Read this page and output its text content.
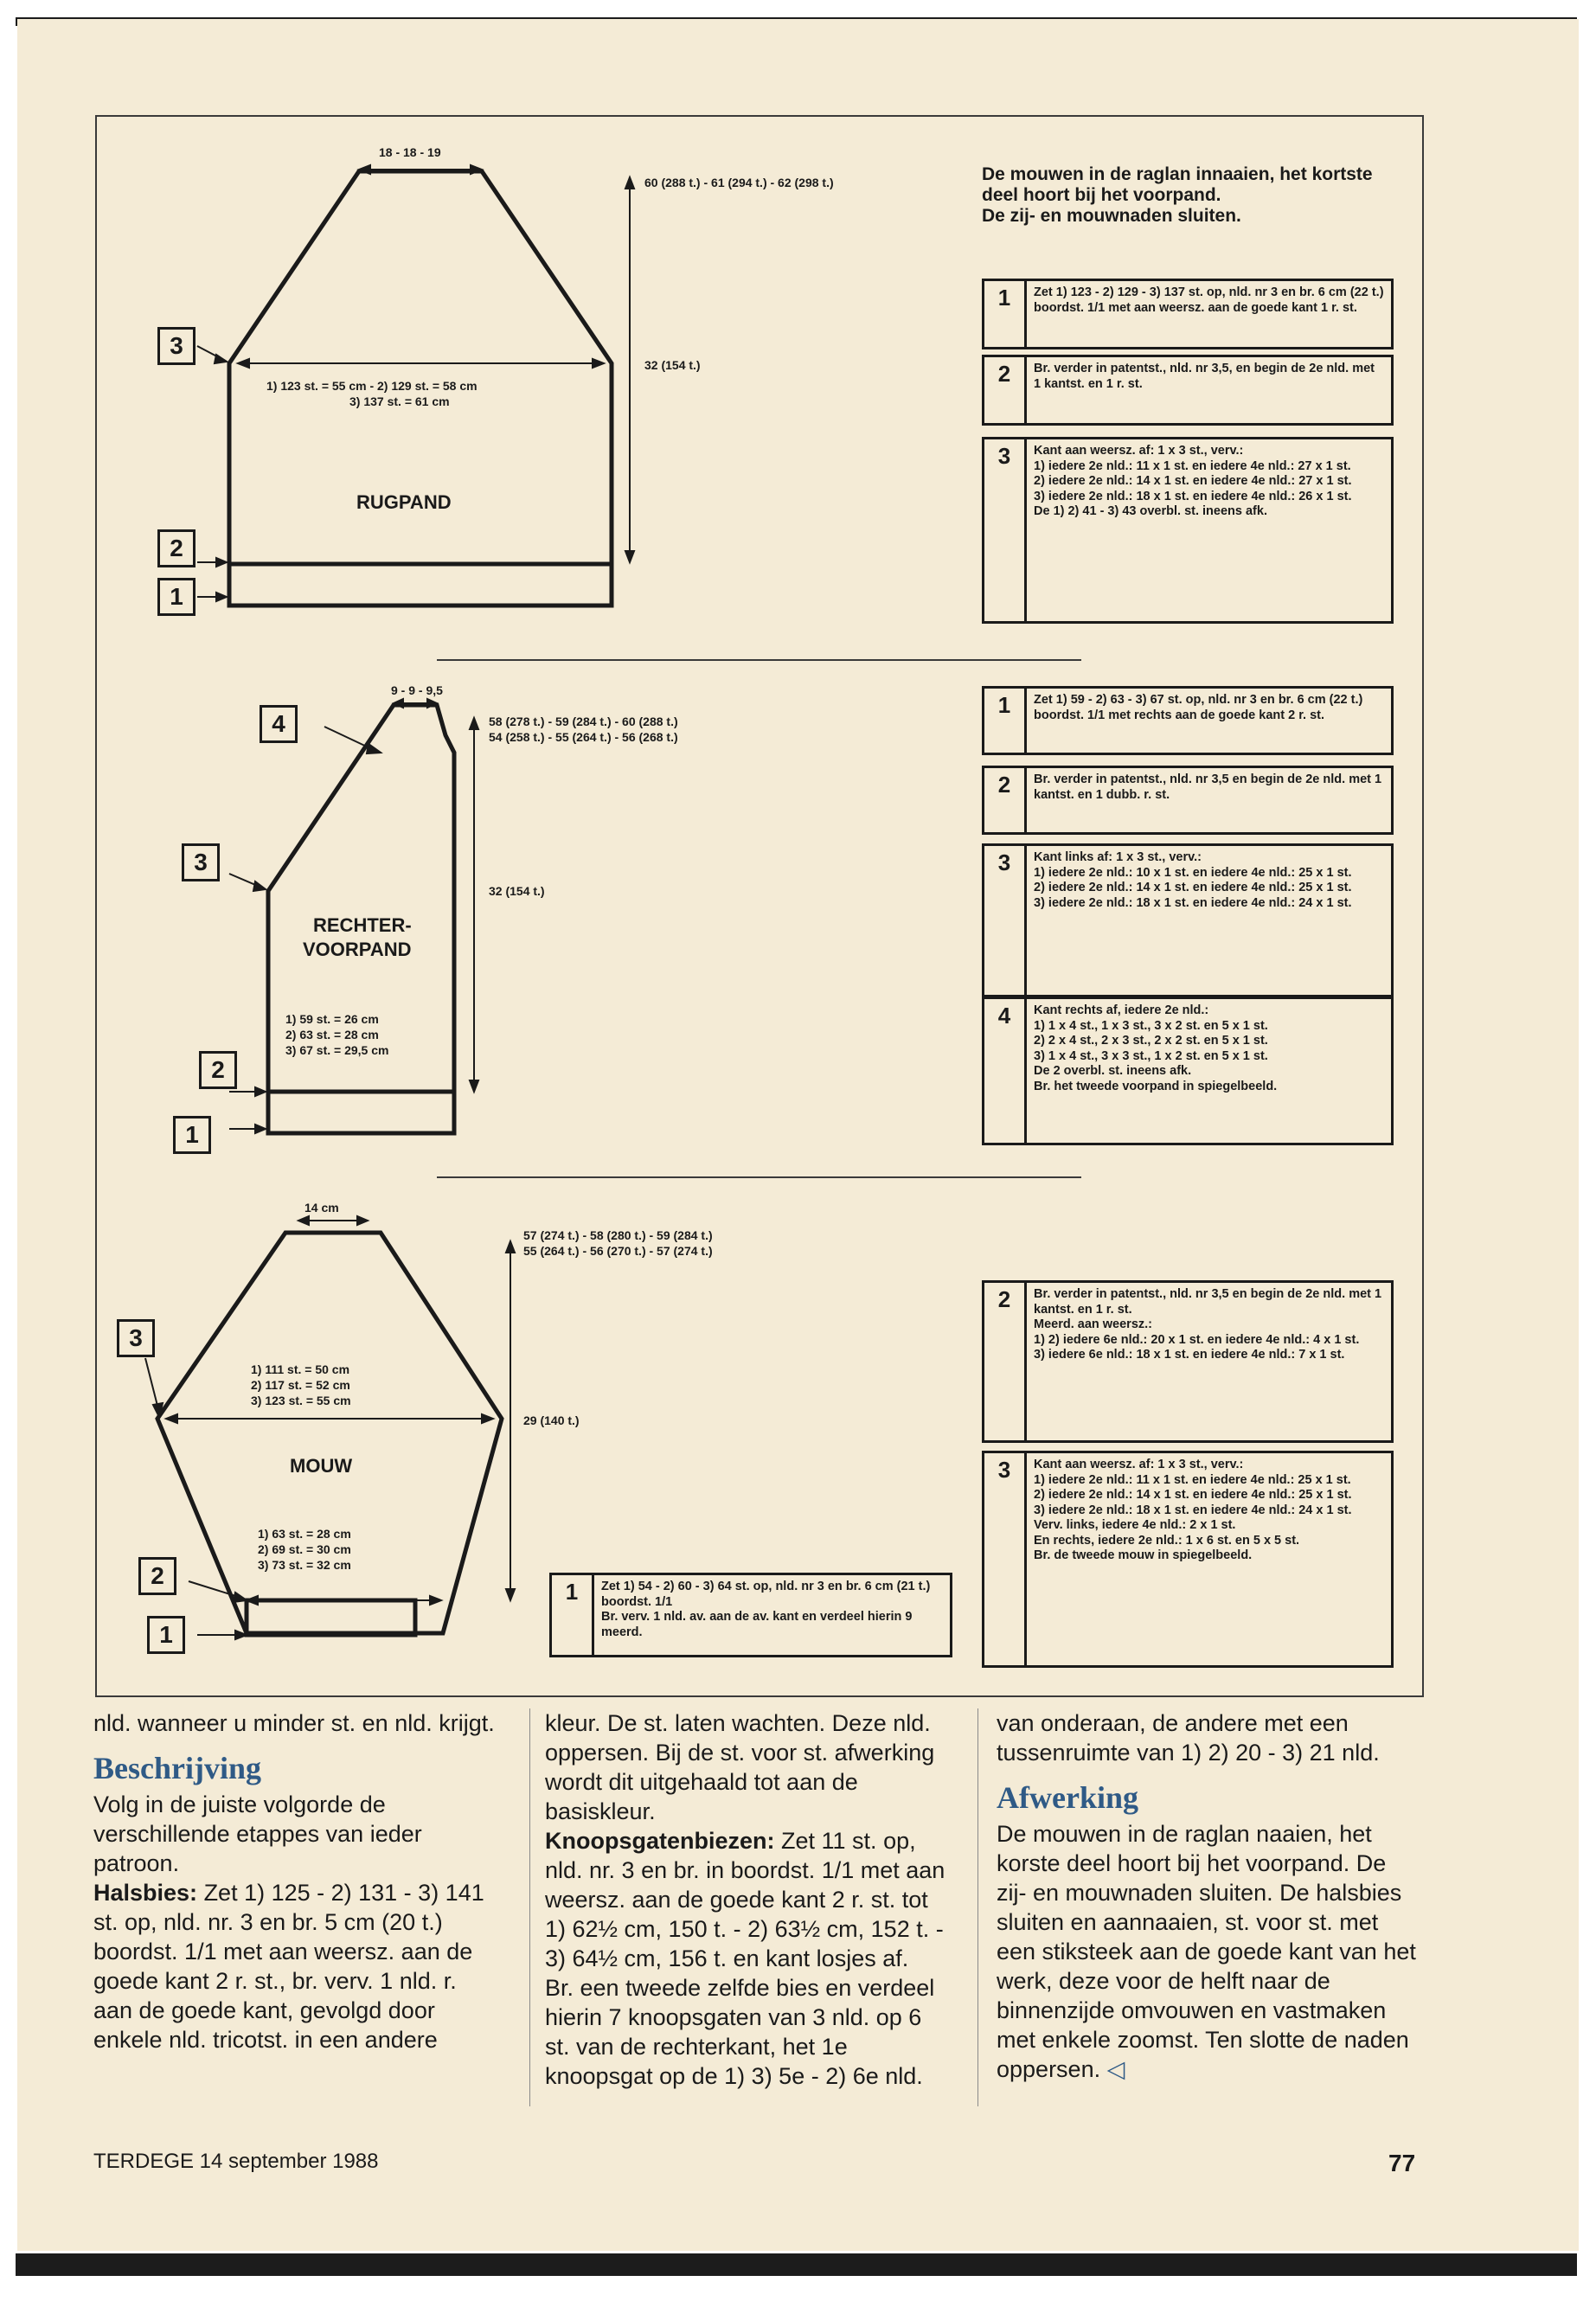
18 - 18 - 19
60 (288 t.) - 61 (294 t.) - 62 (298 t.)
32 (154 t.)
1) 123 st. = 55 cm - 2) 129 st. = 58 cm
3) 137 st. = 61 cm
RUGPAND
3
2
1
De mouwen in de raglan innaaien, het kortste deel hoort bij het voorpand.
De zij- en mouwnaden sluiten.
1	Zet 1) 123 - 2) 129 - 3) 137 st. op, nld. nr 3 en br. 6 cm (22 t.) boordst. 1/1 met aan weersz. aan de goede kant 1 r. st.
2	Br. verder in patentst., nld. nr 3,5, en begin de 2e nld. met 1 kantst. en 1 r. st.
3	Kant aan weersz. af: 1 x 3 st., verv.:
1) iedere 2e nld.: 11 x 1 st. en iedere 4e nld.: 27 x 1 st.
2) iedere 2e nld.: 14 x 1 st. en iedere 4e nld.: 27 x 1 st.
3) iedere 2e nld.: 18 x 1 st. en iedere 4e nld.: 26 x 1 st.
De 1) 2) 41 - 3) 43 overbl. st. ineens afk.
9 - 9 - 9,5
58 (278 t.) - 59 (284 t.) - 60 (288 t.)
54 (258 t.) - 55 (264 t.) - 56 (268 t.)
32 (154 t.)
RECHTER-
VOORPAND
1) 59 st. = 26 cm
2) 63 st. = 28 cm
3) 67 st. = 29,5 cm
4
3
2
1
1	Zet 1) 59 - 2) 63 - 3) 67 st. op, nld. nr 3 en br. 6 cm (22 t.) boordst. 1/1 met rechts aan de goede kant 2 r. st.
2	Br. verder in patentst., nld. nr 3,5 en begin de 2e nld. met 1 kantst. en 1 dubb. r. st.
3	Kant links af: 1 x 3 st., verv.:
1) iedere 2e nld.: 10 x 1 st. en iedere 4e nld.: 25 x 1 st.
2) iedere 2e nld.: 14 x 1 st. en iedere 4e nld.: 25 x 1 st.
3) iedere 2e nld.: 18 x 1 st. en iedere 4e nld.: 24 x 1 st.
4	Kant rechts af, iedere 2e nld.:
1) 1 x 4 st., 1 x 3 st., 3 x 2 st. en 5 x 1 st.
2) 2 x 4 st., 2 x 3 st., 2 x 2 st. en 5 x 1 st.
3) 1 x 4 st., 3 x 3 st., 1 x 2 st. en 5 x 1 st.
De 2 overbl. st. ineens afk.
Br. het tweede voorpand in spiegelbeeld.
14 cm
57 (274 t.) - 58 (280 t.) - 59 (284 t.)
55 (264 t.) - 56 (270 t.) - 57 (274 t.)
29 (140 t.)
1) 111 st. = 50 cm
2) 117 st. = 52 cm
3) 123 st. = 55 cm
MOUW
1) 63 st. = 28 cm
2) 69 st. = 30 cm
3) 73 st. = 32 cm
3
2
1
1	Zet 1) 54 - 2) 60 - 3) 64 st. op, nld. nr 3 en br. 6 cm (21 t.) boordst. 1/1
Br. verv. 1 nld. av. aan de av. kant en verdeel hierin 9 meerd.
2	Br. verder in patentst., nld. nr 3,5 en begin de 2e nld. met 1 kantst. en 1 r. st.
Meerd. aan weersz.:
1) 2) iedere 6e nld.: 20 x 1 st. en iedere 4e nld.: 4 x 1 st.
3) iedere 6e nld.: 18 x 1 st. en iedere 4e nld.: 7 x 1 st.
3	Kant aan weersz. af: 1 x 3 st., verv.:
1) iedere 2e nld.: 11 x 1 st. en iedere 4e nld.: 25 x 1 st.
2) iedere 2e nld.: 14 x 1 st. en iedere 4e nld.: 25 x 1 st.
3) iedere 2e nld.: 18 x 1 st. en iedere 4e nld.: 24 x 1 st.
Verv. links, iedere 4e nld.: 2 x 1 st.
En rechts, iedere 2e nld.: 1 x 6 st. en 5 x 5 st.
Br. de tweede mouw in spiegelbeeld.

nld. wanneer u minder st. en nld. krijgt.

Beschrijving

Volg in de juiste volgorde de verschillende etappes van ieder patroon.

Halsbies: Zet 1) 125 - 2) 131 - 3) 141 st. op, nld. nr. 3 en br. 5 cm (20 t.) boordst. 1/1 met aan weersz. aan de goede kant 2 r. st., br. verv. 1 nld. r. aan de goede kant, gevolgd door enkele nld. tricotst. in een andere

kleur. De st. laten wachten. Deze nld. oppersen. Bij de st. voor st. afwerking wordt dit uitgehaald tot aan de basiskleur.

Knoopsgatenbiezen: Zet 11 st. op, nld. nr. 3 en br. in boordst. 1/1 met aan weersz. aan de goede kant 2 r. st. tot 1) 62½ cm, 150 t. - 2) 63½ cm, 152 t. - 3) 64½ cm, 156 t. en kant losjes af.
Br. een tweede zelfde bies en verdeel hierin 7 knoopsgaten van 3 nld. op 6 st. van de rechterkant, het 1e knoopsgat op de 1) 3) 5e - 2) 6e nld.

van onderaan, de andere met een tussenruimte van 1) 2) 20 - 3) 21 nld.

Afwerking

De mouwen in de raglan naaien, het korste deel hoort bij het voorpand. De zij- en mouwnaden sluiten. De halsbies sluiten en aannaaien, st. voor st. met een stiksteek aan de goede kant van het werk, deze voor de helft naar de binnenzijde omvouwen en vastmaken met enkele zoomst. Ten slotte de naden oppersen. ◁

TERDEGE 14 september 1988	77
